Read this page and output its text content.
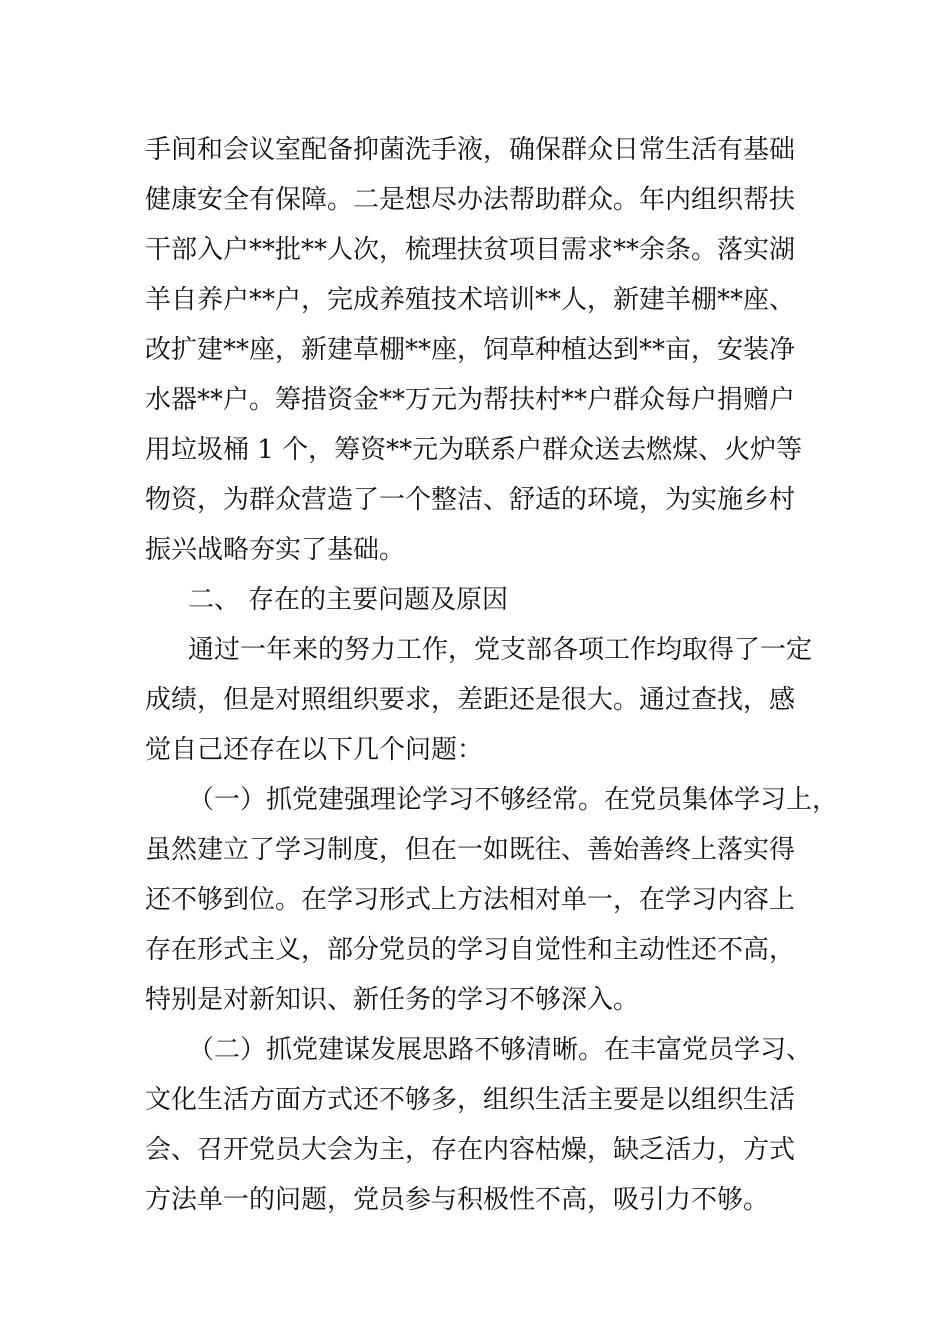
手间和会议室配备抑菌洗手液，确保群众日常生活有基础
健康安全有保障。二是想尽办法帮助群众。年内组织帮扶
干部入户**批**人次，梳理扶贫项目需求**余条。落实湖
羊自养户**户，完成养殖技术培训**人，新建羊棚**座、
改扩建**座，新建草棚**座，饲草种植达到**亩，安装净
水器**户。筹措资金**万元为帮扶村**户群众每户捐赠户
用垃圾桶 1 个，筹资**元为联系户群众送去燃煤、火炉等
物资，为群众营造了一个整洁、舒适的环境，为实施乡村
振兴战略夯实了基础。
二、 存在的主要问题及原因
通过一年来的努力工作，党支部各项工作均取得了一定
成绩，但是对照组织要求，差距还是很大。通过查找，感
觉自己还存在以下几个问题：
（一）抓党建强理论学习不够经常。在党员集体学习上，
虽然建立了学习制度，但在一如既往、善始善终上落实得
还不够到位。在学习形式上方法相对单一，在学习内容上
存在形式主义，部分党员的学习自觉性和主动性还不高，
特别是对新知识、新任务的学习不够深入。
（二）抓党建谋发展思路不够清晰。在丰富党员学习、
文化生活方面方式还不够多，组织生活主要是以组织生活
会、召开党员大会为主，存在内容枯燥，缺乏活力，方式
方法单一的问题，党员参与积极性不高，吸引力不够。
